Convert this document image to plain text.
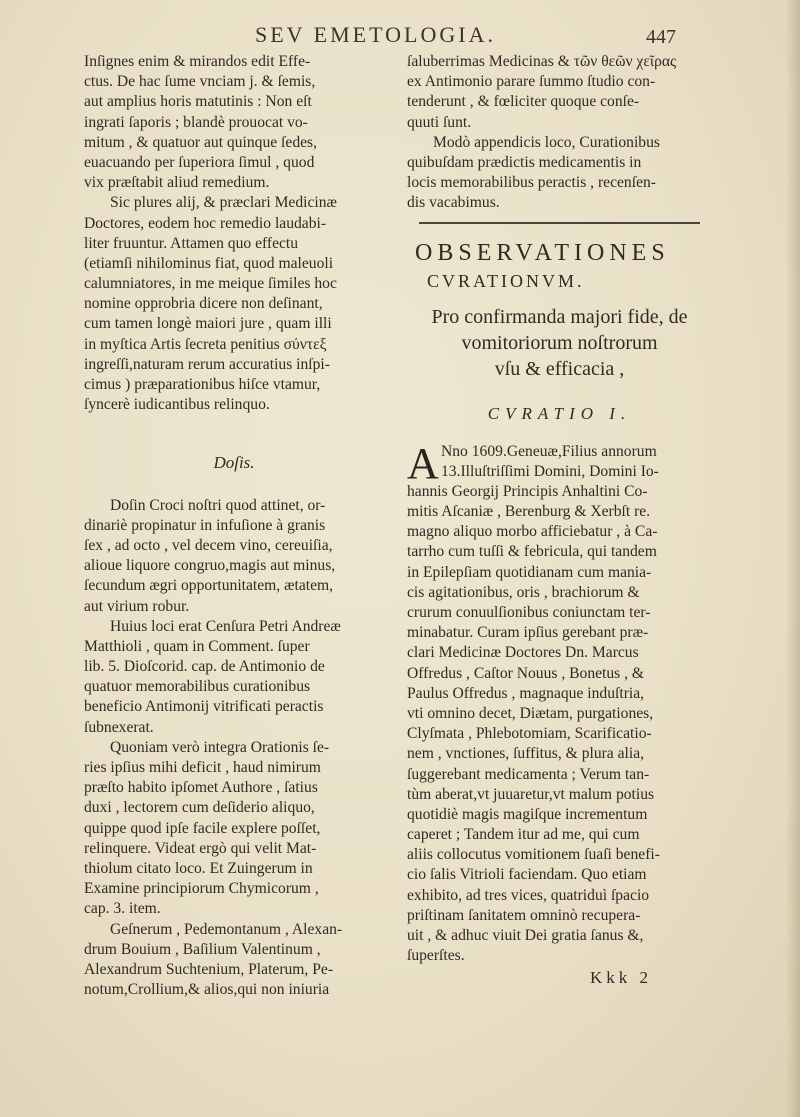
SEV EMETOLOGIA.	447
Inſignes enim & mirandos edit Effe-
ctus. De hac ſume vnciam j. & ſemis,
aut amplius horis matutinis : Non eſt
ingrati ſaporis ; blandè prouocat vo-
mitum , & quatuor aut quinque ſedes,
euacuando per ſuperiora ſimul , quod
vix præſtabit aliud remedium.
Sic plures alij, & præclari Medicinæ
Doctores, eodem hoc remedio laudabi-
liter fruuntur. Attamen quo effectu
(etiamſi nihilominus fiat, quod maleuoli
calumniatores, in me meique ſimiles hoc
nomine opprobria dicere non deſinant,
cum tamen longè maiori jure , quam illi
in myſtica Artis ſecreta penitius σύντεξ
ingreſſi,naturam rerum accuratius inſpi-
cimus ) præparationibus hiſce vtamur,
ſyncerè iudicantibus relinquo.
Doſis.
Doſin Croci noſtri quod attinet, or-
dinariè propinatur in infuſione à granis
ſex , ad octo , vel decem vino, cereuiſia,
alioue liquore congruo,magis aut minus,
ſecundum ægri opportunitatem, ætatem,
aut virium robur.
Huius loci erat Cenſura Petri Andreæ
Matthioli , quam in Comment. ſuper
lib. 5. Dioſcorid. cap. de Antimonio de
quatuor memorabilibus curationibus
beneficio Antimonij vitrificati peractis
ſubnexerat.
Quoniam verò integra Orationis ſe-
ries ipſius mihi deficit , haud nimirum
præſto habito ipſomet Authore , ſatius
duxi , lectorem cum deſiderio aliquo,
quippe quod ipſe facile explere poſſet,
relinquere. Videat ergò qui velit Mat-
thiolum citato loco. Et Zuingerum in
Examine principiorum Chymicorum ,
cap. 3. item.
Geſnerum , Pedemontanum , Alexan-
drum Bouium , Baſilium Valentinum ,
Alexandrum Suchtenium, Platerum, Pe-
notum,Crollium,& alios,qui non iniuria
ſaluberrimas Medicinas & τῶν θεῶν χεῖρας
ex Antimonio parare ſummo ſtudio con-
tenderunt , & fœliciter quoque conſe-
quuti ſunt.
Modò appendicis loco, Curationibus
quibuſdam prædictis medicamentis in
locis memorabilibus peractis , recenſen-
dis vacabimus.
OBSERVATIONES
CVRATIONVM.
Pro confirmanda majori fide, de
vomitoriorum noſtrorum
vſu & efficacia ,
CVRATIO I.
A Nno 1609.Geneuæ,Filius annorum
13.Illuſtriſſimi Domini, Domini Io-
hannis Georgij Principis Anhaltini Co-
mitis Aſcaniæ , Berenburg & Xerbſt re.
magno aliquo morbo afficiebatur , à Ca-
tarrho cum tuſſi & febricula, qui tandem
in Epilepſiam quotidianam cum mania-
cis agitationibus, oris , brachiorum &
crurum conuulſionibus coniunctam ter-
minabatur. Curam ipſius gerebant præ-
clari Medicinæ Doctores Dn. Marcus
Offredus , Caſtor Nouus , Bonetus , &
Paulus Offredus , magnaque induſtria,
vti omnino decet, Diætam, purgationes,
Clyſmata , Phlebotomiam, Scarificatio-
nem , vnctiones, ſuffitus, & plura alia,
ſuggerebant medicamenta ; Verum tan-
tùm aberat,vt juuaretur,vt malum potius
quotidiè magis magiſque incrementum
caperet ; Tandem itur ad me, qui cum
aliis collocutus vomitionem ſuaſi benefi-
cio ſalis Vitrioli faciendam. Quo etiam
exhibito, ad tres vices, quatriduì ſpacio
priſtinam ſanitatem omninò recupera-
uit , & adhuc viuit Dei gratia ſanus &,
ſuperſtes.
Kkk 2
